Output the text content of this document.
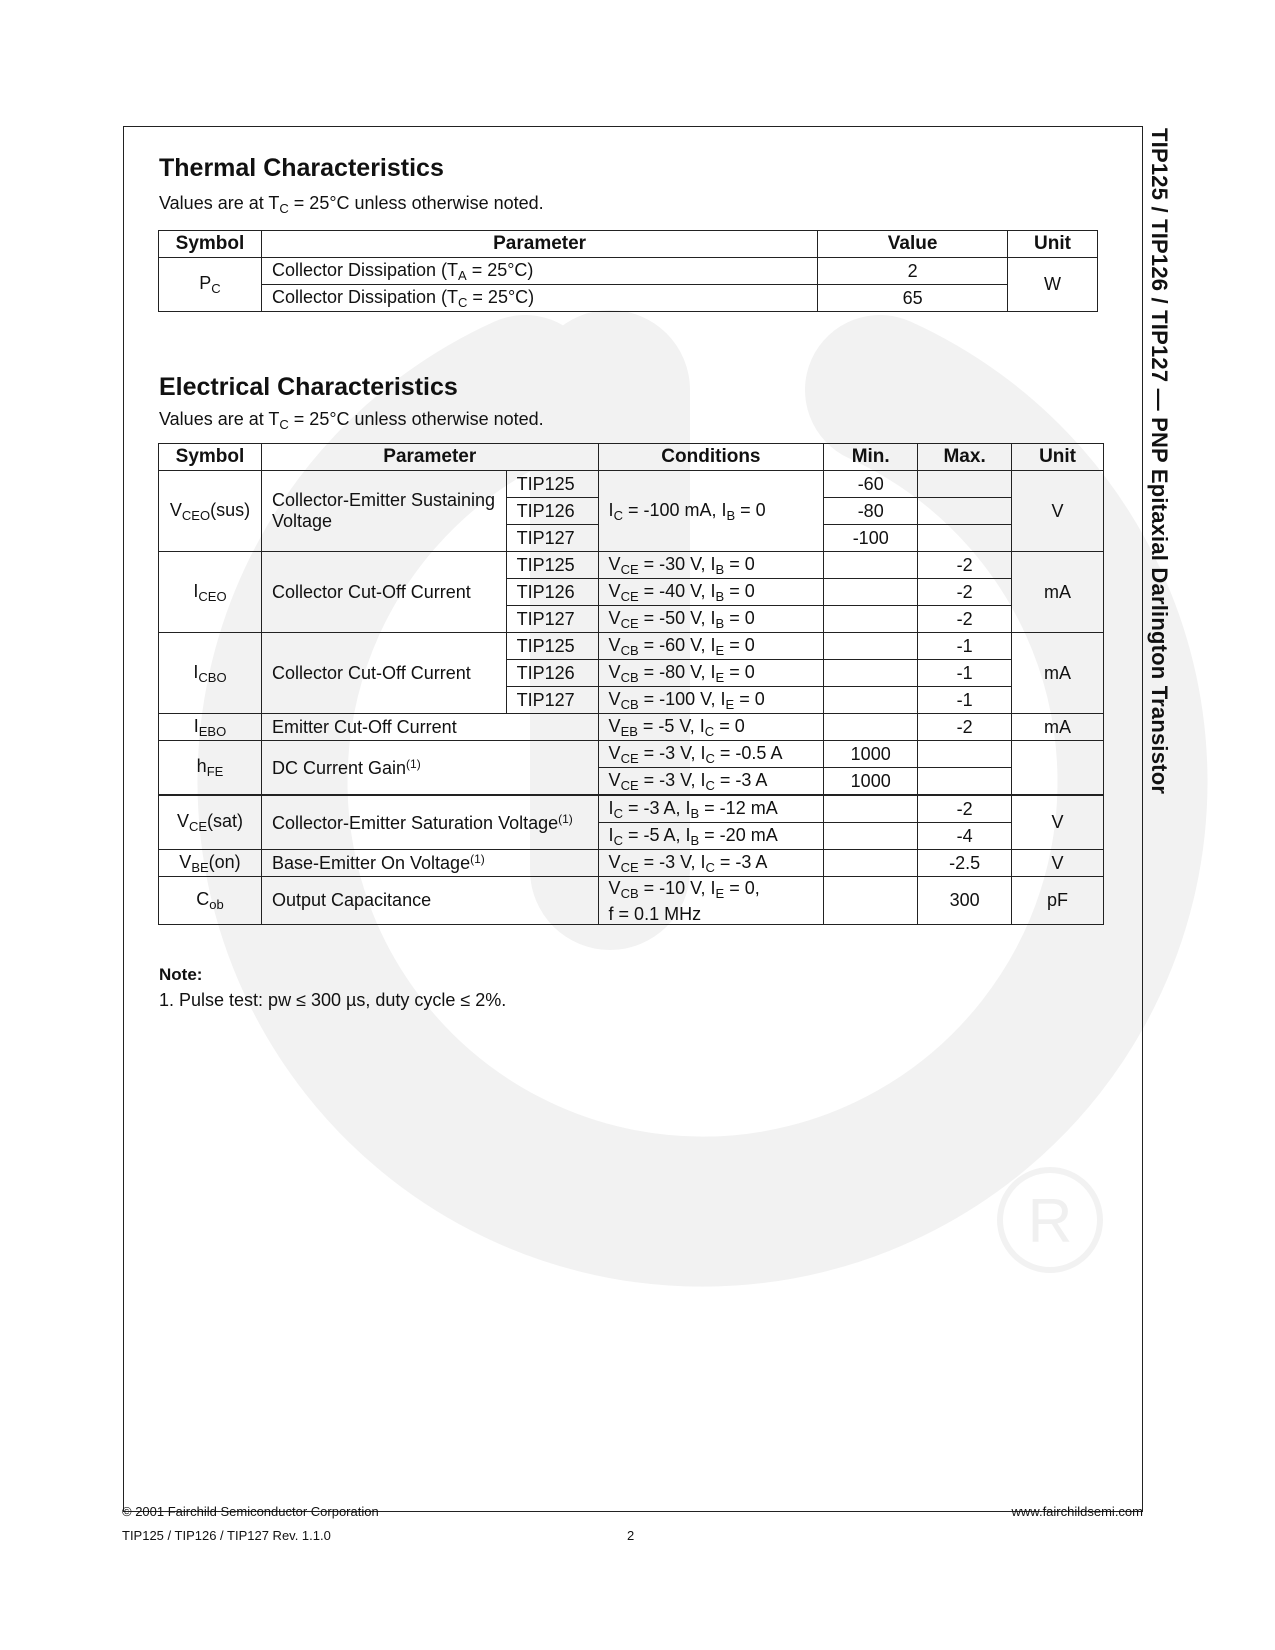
R
TIP125 / TIP126 / TIP127 — PNP Epitaxial Darlington Transistor
Thermal Characteristics

Values are at $T_C = 25^\circ C$ unless otherwise noted.

Symbol	Parameter	Value	Unit
$P_C$	Collector Dissipation $(T_A = 25^\circ C)$	2	W
	Collector Dissipation $(T_C = 25^\circ C)$	65	
Electrical Characteristics

Values are at $T_C = 25^\circ C$ unless otherwise noted.

Symbol	Parameter		Conditions	Min.	Max.	Unit
$V_{CEO}(sus)$	Collector-Emitter Sustaining Voltage	TIP125	$I_C = -100$ mA, $I_B = 0$	-60		V
		TIP126		-80		
		TIP127		-100		
$I_{CEO}$	Collector Cut-Off Current	TIP125	$V_{CE} = -30$ V, $I_B = 0$		-2	mA
		TIP126	$V_{CE} = -40$ V, $I_B = 0$		-2	
		TIP127	$V_{CE} = -50$ V, $I_B = 0$		-2	
$I_{CBO}$	Collector Cut-Off Current	TIP125	$V_{CB} = -60$ V, $I_E = 0$		-1	mA
		TIP126	$V_{CB} = -80$ V, $I_E = 0$		-1	
		TIP127	$V_{CB} = -100$ V, $I_E = 0$		-1	
$I_{EBO}$	Emitter Cut-Off Current		$V_{EB} = -5$ V, $I_C = 0$		-2	mA
$h_{FE}$	DC Current Gain$^{(1)}$		$V_{CE} = -3$ V, $I_C = -0.5$ A	1000		
			$V_{CE} = -3$ V, $I_C = -3$ A	1000		
$V_{CE}(sat)$	Collector-Emitter Saturation Voltage$^{(1)}$		$I_C = -3$ A, $I_B = -12$ mA		-2	V
			$I_C = -5$ A, $I_B = -20$ mA		-4	
$V_{BE}(on)$	Base-Emitter On Voltage$^{(1)}$		$V_{CE} = -3$ V, $I_C = -3$ A		-2.5	V
$C_{ob}$	Output Capacitance		$V_{CB} = -10$ V, $I_E = 0$,
f = 0.1 MHz		300	pF

Note:

1. Pulse test: pw ≤ 300 µs, duty cycle ≤ 2%.

© 2001 Fairchild Semiconductor Corporation

TIP125 / TIP126 / TIP127 Rev. 1.1.0	2

www.fairchildsemi.com
